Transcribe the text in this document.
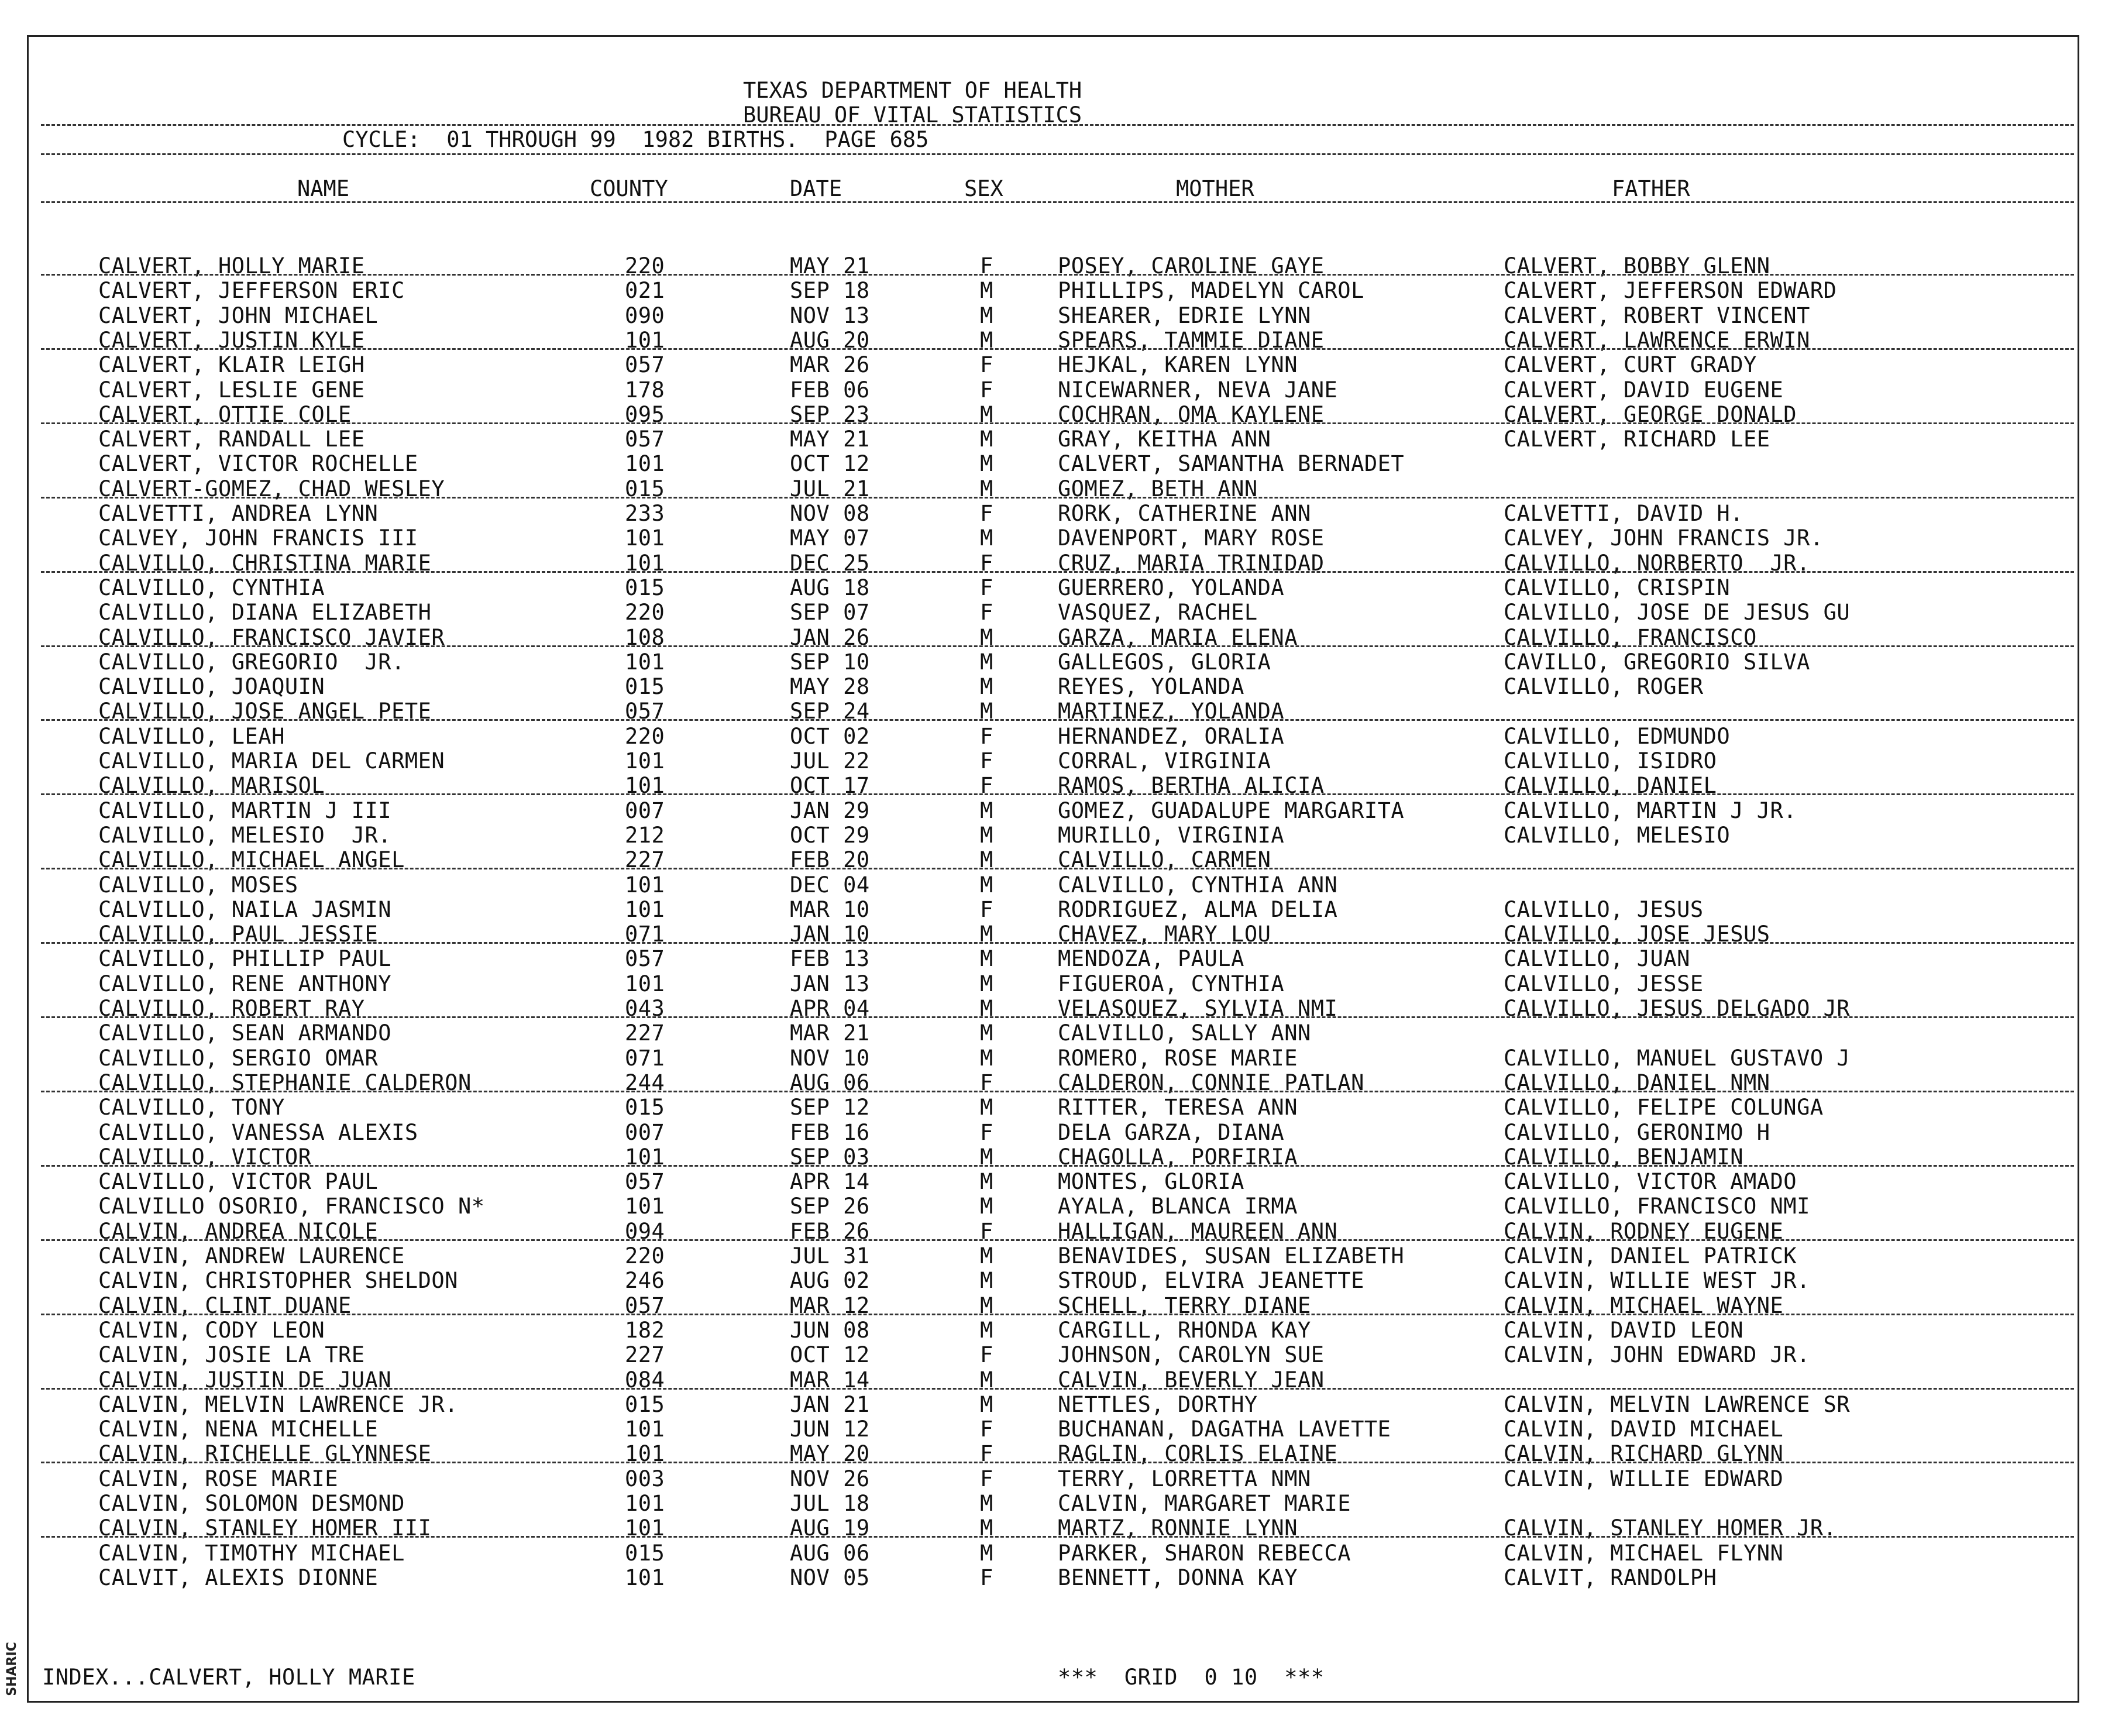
SHARIC
TEXAS DEPARTMENT OF HEALTH
BUREAU OF VITAL STATISTICS
CYCLE:  01 THROUGH 99  1982 BIRTHS.  PAGE 685
NAME	COUNTY	DATE	SEX	MOTHER	FATHER
CALVERT, HOLLY MARIE	220	MAY 21	F	POSEY, CAROLINE GAYE	CALVERT, BOBBY GLENN
CALVERT, JEFFERSON ERIC	021	SEP 18	M	PHILLIPS, MADELYN CAROL	CALVERT, JEFFERSON EDWARD
CALVERT, JOHN MICHAEL	090	NOV 13	M	SHEARER, EDRIE LYNN	CALVERT, ROBERT VINCENT
CALVERT, JUSTIN KYLE	101	AUG 20	M	SPEARS, TAMMIE DIANE	CALVERT, LAWRENCE ERWIN
CALVERT, KLAIR LEIGH	057	MAR 26	F	HEJKAL, KAREN LYNN	CALVERT, CURT GRADY
CALVERT, LESLIE GENE	178	FEB 06	F	NICEWARNER, NEVA JANE	CALVERT, DAVID EUGENE
CALVERT, OTTIE COLE	095	SEP 23	M	COCHRAN, OMA KAYLENE	CALVERT, GEORGE DONALD
CALVERT, RANDALL LEE	057	MAY 21	M	GRAY, KEITHA ANN	CALVERT, RICHARD LEE
CALVERT, VICTOR ROCHELLE	101	OCT 12	M	CALVERT, SAMANTHA BERNADET
CALVERT-GOMEZ, CHAD WESLEY	015	JUL 21	M	GOMEZ, BETH ANN
CALVETTI, ANDREA LYNN	233	NOV 08	F	RORK, CATHERINE ANN	CALVETTI, DAVID H.
CALVEY, JOHN FRANCIS III	101	MAY 07	M	DAVENPORT, MARY ROSE	CALVEY, JOHN FRANCIS JR.
CALVILLO, CHRISTINA MARIE	101	DEC 25	F	CRUZ, MARIA TRINIDAD	CALVILLO, NORBERTO  JR.
CALVILLO, CYNTHIA	015	AUG 18	F	GUERRERO, YOLANDA	CALVILLO, CRISPIN
CALVILLO, DIANA ELIZABETH	220	SEP 07	F	VASQUEZ, RACHEL	CALVILLO, JOSE DE JESUS GU
CALVILLO, FRANCISCO JAVIER	108	JAN 26	M	GARZA, MARIA ELENA	CALVILLO, FRANCISCO
CALVILLO, GREGORIO  JR.	101	SEP 10	M	GALLEGOS, GLORIA	CAVILLO, GREGORIO SILVA
CALVILLO, JOAQUIN	015	MAY 28	M	REYES, YOLANDA	CALVILLO, ROGER
CALVILLO, JOSE ANGEL PETE	057	SEP 24	M	MARTINEZ, YOLANDA
CALVILLO, LEAH	220	OCT 02	F	HERNANDEZ, ORALIA	CALVILLO, EDMUNDO
CALVILLO, MARIA DEL CARMEN	101	JUL 22	F	CORRAL, VIRGINIA	CALVILLO, ISIDRO
CALVILLO, MARISOL	101	OCT 17	F	RAMOS, BERTHA ALICIA	CALVILLO, DANIEL
CALVILLO, MARTIN J III	007	JAN 29	M	GOMEZ, GUADALUPE MARGARITA	CALVILLO, MARTIN J JR.
CALVILLO, MELESIO  JR.	212	OCT 29	M	MURILLO, VIRGINIA	CALVILLO, MELESIO
CALVILLO, MICHAEL ANGEL	227	FEB 20	M	CALVILLO, CARMEN
CALVILLO, MOSES	101	DEC 04	M	CALVILLO, CYNTHIA ANN
CALVILLO, NAILA JASMIN	101	MAR 10	F	RODRIGUEZ, ALMA DELIA	CALVILLO, JESUS
CALVILLO, PAUL JESSIE	071	JAN 10	M	CHAVEZ, MARY LOU	CALVILLO, JOSE JESUS
CALVILLO, PHILLIP PAUL	057	FEB 13	M	MENDOZA, PAULA	CALVILLO, JUAN
CALVILLO, RENE ANTHONY	101	JAN 13	M	FIGUEROA, CYNTHIA	CALVILLO, JESSE
CALVILLO, ROBERT RAY	043	APR 04	M	VELASQUEZ, SYLVIA NMI	CALVILLO, JESUS DELGADO JR
CALVILLO, SEAN ARMANDO	227	MAR 21	M	CALVILLO, SALLY ANN
CALVILLO, SERGIO OMAR	071	NOV 10	M	ROMERO, ROSE MARIE	CALVILLO, MANUEL GUSTAVO J
CALVILLO, STEPHANIE CALDERON	244	AUG 06	F	CALDERON, CONNIE PATLAN	CALVILLO, DANIEL NMN
CALVILLO, TONY	015	SEP 12	M	RITTER, TERESA ANN	CALVILLO, FELIPE COLUNGA
CALVILLO, VANESSA ALEXIS	007	FEB 16	F	DELA GARZA, DIANA	CALVILLO, GERONIMO H
CALVILLO, VICTOR	101	SEP 03	M	CHAGOLLA, PORFIRIA	CALVILLO, BENJAMIN
CALVILLO, VICTOR PAUL	057	APR 14	M	MONTES, GLORIA	CALVILLO, VICTOR AMADO
CALVILLO OSORIO, FRANCISCO N*	101	SEP 26	M	AYALA, BLANCA IRMA	CALVILLO, FRANCISCO NMI
CALVIN, ANDREA NICOLE	094	FEB 26	F	HALLIGAN, MAUREEN ANN	CALVIN, RODNEY EUGENE
CALVIN, ANDREW LAURENCE	220	JUL 31	M	BENAVIDES, SUSAN ELIZABETH	CALVIN, DANIEL PATRICK
CALVIN, CHRISTOPHER SHELDON	246	AUG 02	M	STROUD, ELVIRA JEANETTE	CALVIN, WILLIE WEST JR.
CALVIN, CLINT DUANE	057	MAR 12	M	SCHELL, TERRY DIANE	CALVIN, MICHAEL WAYNE
CALVIN, CODY LEON	182	JUN 08	M	CARGILL, RHONDA KAY	CALVIN, DAVID LEON
CALVIN, JOSIE LA TRE	227	OCT 12	F	JOHNSON, CAROLYN SUE	CALVIN, JOHN EDWARD JR.
CALVIN, JUSTIN DE JUAN	084	MAR 14	M	CALVIN, BEVERLY JEAN
CALVIN, MELVIN LAWRENCE JR.	015	JAN 21	M	NETTLES, DORTHY	CALVIN, MELVIN LAWRENCE SR
CALVIN, NENA MICHELLE	101	JUN 12	F	BUCHANAN, DAGATHA LAVETTE	CALVIN, DAVID MICHAEL
CALVIN, RICHELLE GLYNNESE	101	MAY 20	F	RAGLIN, CORLIS ELAINE	CALVIN, RICHARD GLYNN
CALVIN, ROSE MARIE	003	NOV 26	F	TERRY, LORRETTA NMN	CALVIN, WILLIE EDWARD
CALVIN, SOLOMON DESMOND	101	JUL 18	M	CALVIN, MARGARET MARIE
CALVIN, STANLEY HOMER III	101	AUG 19	M	MARTZ, RONNIE LYNN	CALVIN, STANLEY HOMER JR.
CALVIN, TIMOTHY MICHAEL	015	AUG 06	M	PARKER, SHARON REBECCA	CALVIN, MICHAEL FLYNN
CALVIT, ALEXIS DIONNE	101	NOV 05	F	BENNETT, DONNA KAY	CALVIT, RANDOLPH
INDEX...CALVERT, HOLLY MARIE	***  GRID  0 10  ***
